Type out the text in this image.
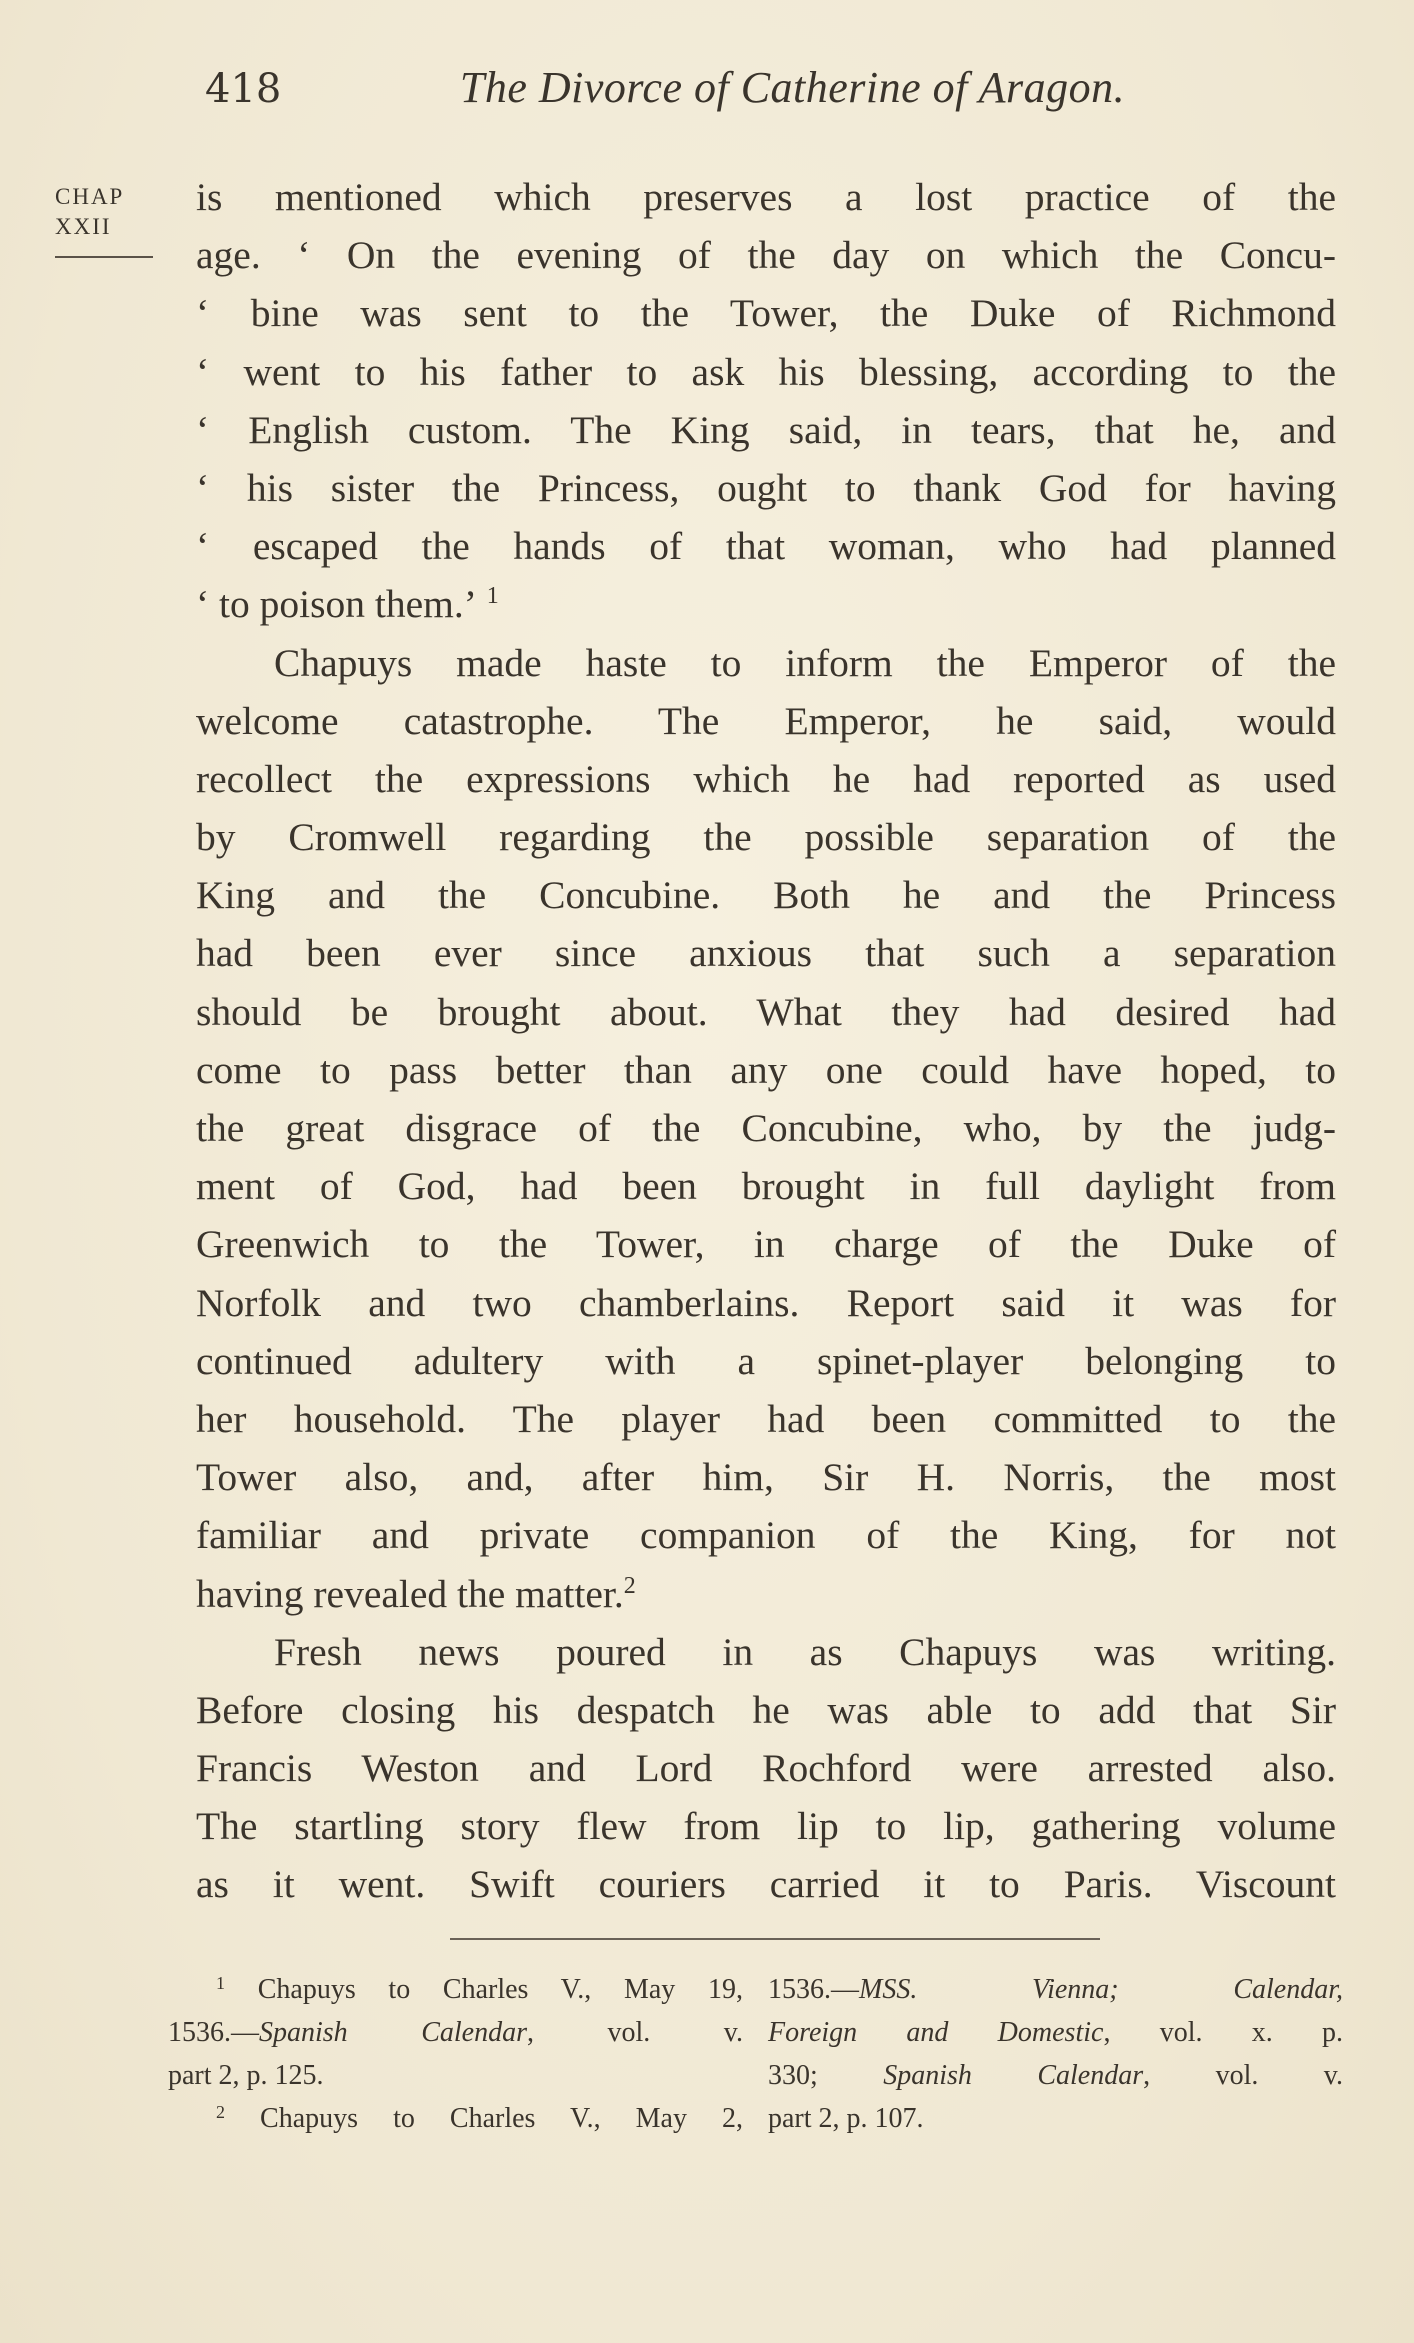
418	The Divorce of Catherine of Aragon.
CHAP
XXII
is mentioned which preserves a lost practice of the
age. ‘ On the evening of the day on which the Concu-
‘ bine was sent to the Tower, the Duke of Richmond
‘ went to his father to ask his blessing, according to the
‘ English custom. The King said, in tears, that he, and
‘ his sister the Princess, ought to thank God for having
‘ escaped the hands of that woman, who had planned
‘ to poison them.’ $^1$
Chapuys made haste to inform the Emperor of the
welcome catastrophe. The Emperor, he said, would
recollect the expressions which he had reported as used
by Cromwell regarding the possible separation of the
King and the Concubine. Both he and the Princess
had been ever since anxious that such a separation
should be brought about. What they had desired had
come to pass better than any one could have hoped, to
the great disgrace of the Concubine, who, by the judg-
ment of God, had been brought in full daylight from
Greenwich to the Tower, in charge of the Duke of
Norfolk and two chamberlains. Report said it was for
continued adultery with a spinet-player belonging to
her household. The player had been committed to the
Tower also, and, after him, Sir H. Norris, the most
familiar and private companion of the King, for not
having revealed the matter.$^2$
Fresh news poured in as Chapuys was writing.
Before closing his despatch he was able to add that Sir
Francis Weston and Lord Rochford were arrested also.
The startling story flew from lip to lip, gathering volume
as it went. Swift couriers carried it to Paris. Viscount
$^1$ Chapuys to Charles V., May 19,
1536.—Spanish Calendar, vol. v.
part 2, p. 125.
$^2$ Chapuys to Charles V., May 2,
1536.—MSS. Vienna; Calendar,
Foreign and Domestic, vol. x. p.
330; Spanish Calendar, vol. v.
part 2, p. 107.
